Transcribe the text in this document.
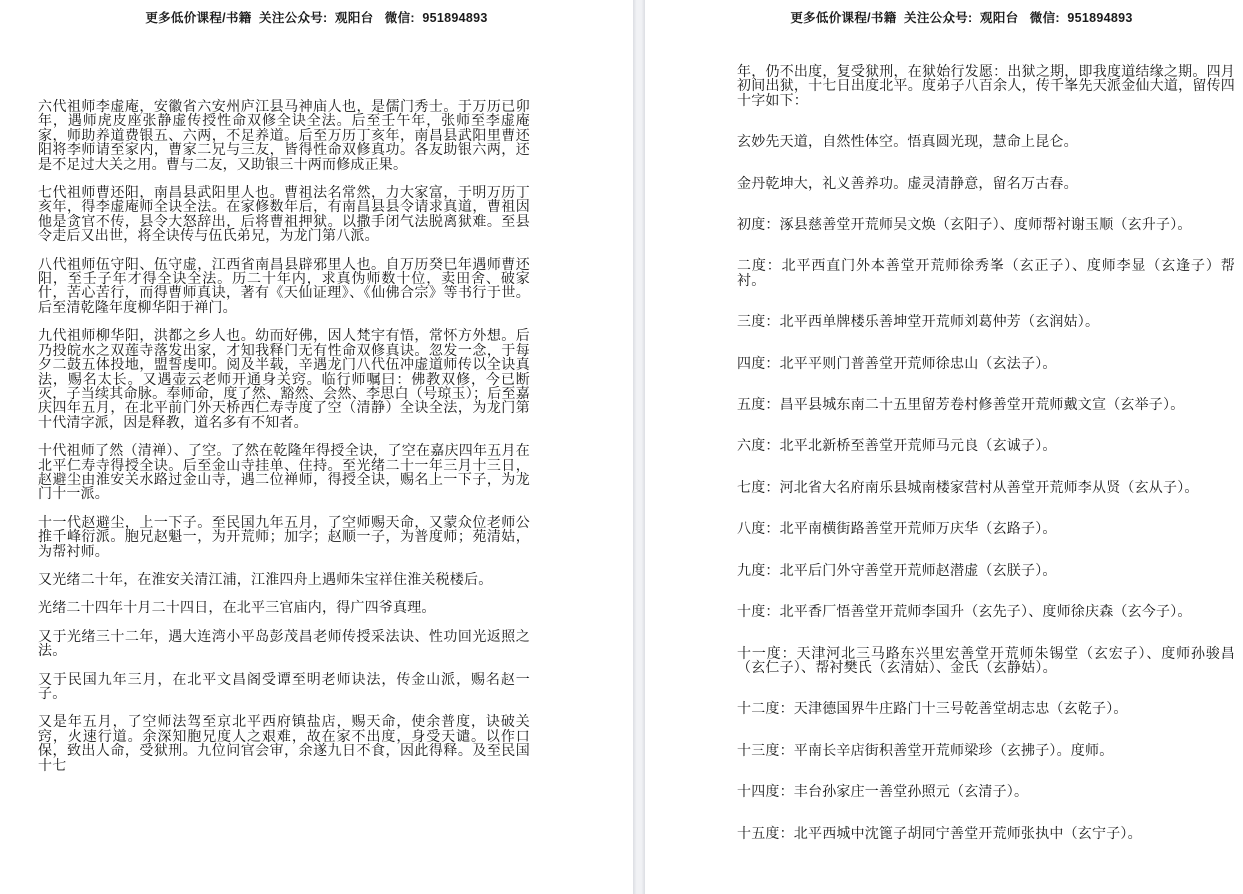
更多低价课程/书籍  关注公众号:  观阳台   微信:  951894893

六代祖师李虚庵，安徽省六安州庐江县马神庙人也，是儒门秀士。于万历已卯年，遇师虎皮座张静虚传授性命双修全诀全法。后至壬午年，张师至李虚庵家，师助养道费银五、六两，不足养道。后至万历丁亥年，南昌县武阳里曹还阳将李师请至家内，曹家二兄与三友，皆得性命双修真功。各友助银六两，还是不足过大关之用。曹与二友，又助银三十两而修成正果。

七代祖师曹还阳，南昌县武阳里人也。曹祖法名常然，力大家富，于明万历丁亥年，得李虚庵师全诀全法。在家修数年后，有南昌县县令请求真道，曹祖因他是贪官不传，县令大怒辞出，后将曹祖押狱。以撒手闭气法脱离狱难。至县令走后又出世，将全诀传与伍氏弟兄，为龙门第八派。

八代祖师伍守阳、伍守虚，江西省南昌县辟邪里人也。自万历癸巳年遇师曹还阳，至壬子年才得全诀全法。历二十年内，求真伪师数十位，卖田舍、破家什，苦心苦行，而得曹师真诀，著有《天仙证理》、《仙佛合宗》等书行于世。后至清乾隆年度柳华阳于禅门。

九代祖师柳华阳，洪都之乡人也。幼而好佛，因人梵宇有悟，常怀方外想。后乃投皖水之双莲寺落发出家，才知我释门无有性命双修真诀。忽发一念，于每夕二鼓五体投地，盟誓虔叩。阅及半载，辛遇龙门八代伍冲虚道师传以全诀真法，赐名太长。又遇壶云老师开通身关窍。临行师嘱曰：佛教双修，今已断灭，子当续其命脉。奉师命，度了然、豁然、会然、李思白（号琼玉）；后至嘉庆四年五月，在北平前门外天桥西仁寿寺度了空（清静）全诀全法，为龙门第十代清字派，因是释教，道名多有不知者。

十代祖师了然（清禅）、了空。了然在乾隆年得授全诀，了空在嘉庆四年五月在北平仁寿寺得授全诀。后至金山寺挂单、住持。至光绪二十一年三月十三日，赵避尘由淮安关水路过金山寺，遇二位禅师，得授全诀，赐名上一下子，为龙门十一派。

十一代赵避尘，上一下子。至民国九年五月，了空师赐天命，又蒙众位老师公推千峰衍派。胞兄赵魁一，为开荒师；加字；赵顺一子，为普度师；苑清姑，为帮衬师。

又光绪二十年，在淮安关清江浦，江淮四舟上遇师朱宝祥住淮关税楼后。

光绪二十四年十月二十四日，在北平三官庙内，得广四爷真理。

又于光绪三十二年，遇大连湾小平岛彭茂昌老师传授采法诀、性功回光返照之法。

又于民国九年三月，在北平文昌阁受谭至明老师诀法，传金山派，赐名赵一子。

又是年五月，了空师法驾至京北平西府镇盐店，赐天命，使余普度，诀破关窍，火速行道。余深知胞兄度人之艰难，故在家不出度，身受天谴。以作口保，致出人命，受狱刑。九位问官会审，余遂九日不食，因此得释。及至民国十七

更多低价课程/书籍  关注公众号:  观阳台   微信:  951894893

年，仍不出度，复受狱刑，在狱始行发愿：出狱之期，即我度道结缘之期。四月初间出狱，十七日出度北平。度弟子八百余人，传千峯先天派金仙大道，留传四十字如下：

玄妙先天道，自然性体空。悟真圆光现，慧命上昆仑。

金丹乾坤大，礼义善养功。虚灵清静意，留名万古春。

初度：涿县慈善堂开荒师吴文焕（玄阳子）、度师帮衬谢玉顺（玄升子）。

二度：北平西直门外本善堂开荒师徐秀峯（玄正子）、度师李显（玄逢子）帮衬。

三度：北平西单牌楼乐善坤堂开荒师刘葛仲芳（玄润姑）。

四度：北平平则门普善堂开荒师徐忠山（玄法子）。

五度：昌平县城东南二十五里留芳卷村修善堂开荒师戴文宣（玄举子）。

六度：北平北新桥至善堂开荒师马元良（玄诚子）。

七度：河北省大名府南乐县城南楼家营村从善堂开荒师李从贤（玄从子）。

八度：北平南横街路善堂开荒师万庆华（玄路子）。

九度：北平后门外守善堂开荒师赵潜虚（玄朕子）。

十度：北平香厂悟善堂开荒师李国升（玄先子）、度师徐庆森（玄今子）。

十一度：天津河北三马路东兴里宏善堂开荒师朱锡堂（玄宏子）、度师孙骏昌（玄仁子）、帮衬樊氏（玄清姑）、金氏（玄静姑）。

十二度：天津德国界牛庄路门十三号乾善堂胡志忠（玄乾子）。

十三度：平南长辛店街积善堂开荒师梁珍（玄拂子）。度师。

十四度：丰台孙家庄一善堂孙照元（玄清子）。

十五度：北平西城中沈篦子胡同宁善堂开荒师张执中（玄宁子）。
